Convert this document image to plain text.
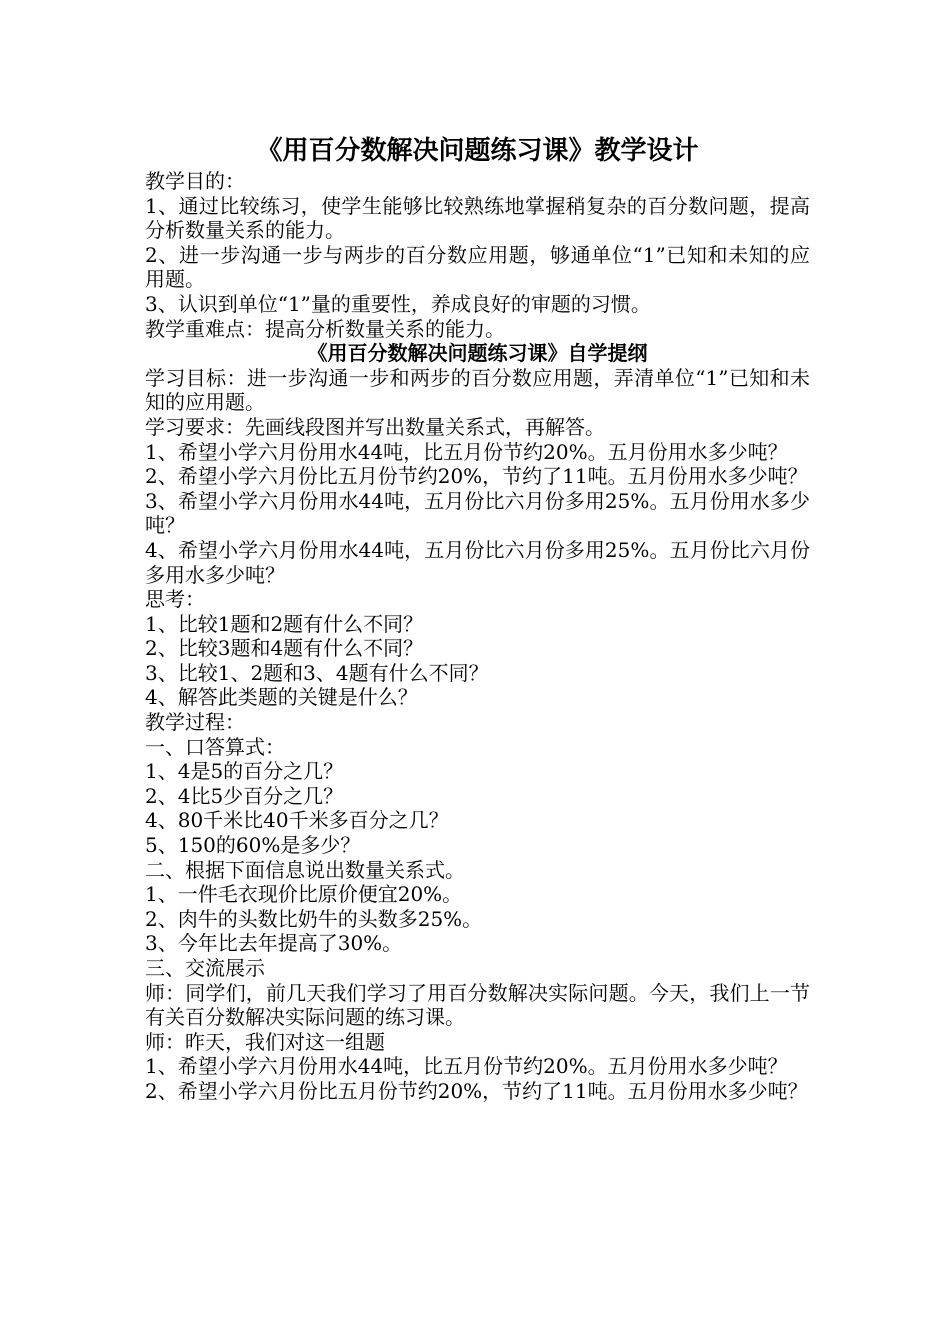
《用百分数解决问题练习课》教学设计
教学目的：
1、通过比较练习，使学生能够比较熟练地掌握稍复杂的百分数问题，提高分析数量关系的能力。
2、进一步沟通一步与两步的百分数应用题，够通单位“1”已知和未知的应用题。
3、认识到单位“1”量的重要性，养成良好的审题的习惯。
教学重难点：提高分析数量关系的能力。
《用百分数解决问题练习课》自学提纲
学习目标：进一步沟通一步和两步的百分数应用题，弄清单位“1”已知和未知的应用题。
学习要求：先画线段图并写出数量关系式，再解答。
1、希望小学六月份用水44吨，比五月份节约20%。五月份用水多少吨？
2、希望小学六月份比五月份节约20%，节约了11吨。五月份用水多少吨？
3、希望小学六月份用水44吨，五月份比六月份多用25%。五月份用水多少吨？
4、希望小学六月份用水44吨，五月份比六月份多用25%。五月份比六月份多用水多少吨？
思考：
1、比较1题和2题有什么不同？
2、比较3题和4题有什么不同？
3、比较1、2题和3、4题有什么不同？
4、解答此类题的关键是什么？
教学过程：
一、口答算式：
1、4是5的百分之几？
2、4比5少百分之几？
4、80千米比40千米多百分之几？
5、150的60%是多少？
二、根据下面信息说出数量关系式。
1、一件毛衣现价比原价便宜20%。
2、肉牛的头数比奶牛的头数多25%。
3、今年比去年提高了30%。
三、交流展示
师：同学们，前几天我们学习了用百分数解决实际问题。今天，我们上一节有关百分数解决实际问题的练习课。
师：昨天，我们对这一组题
1、希望小学六月份用水44吨，比五月份节约20%。五月份用水多少吨？
2、希望小学六月份比五月份节约20%，节约了11吨。五月份用水多少吨？
